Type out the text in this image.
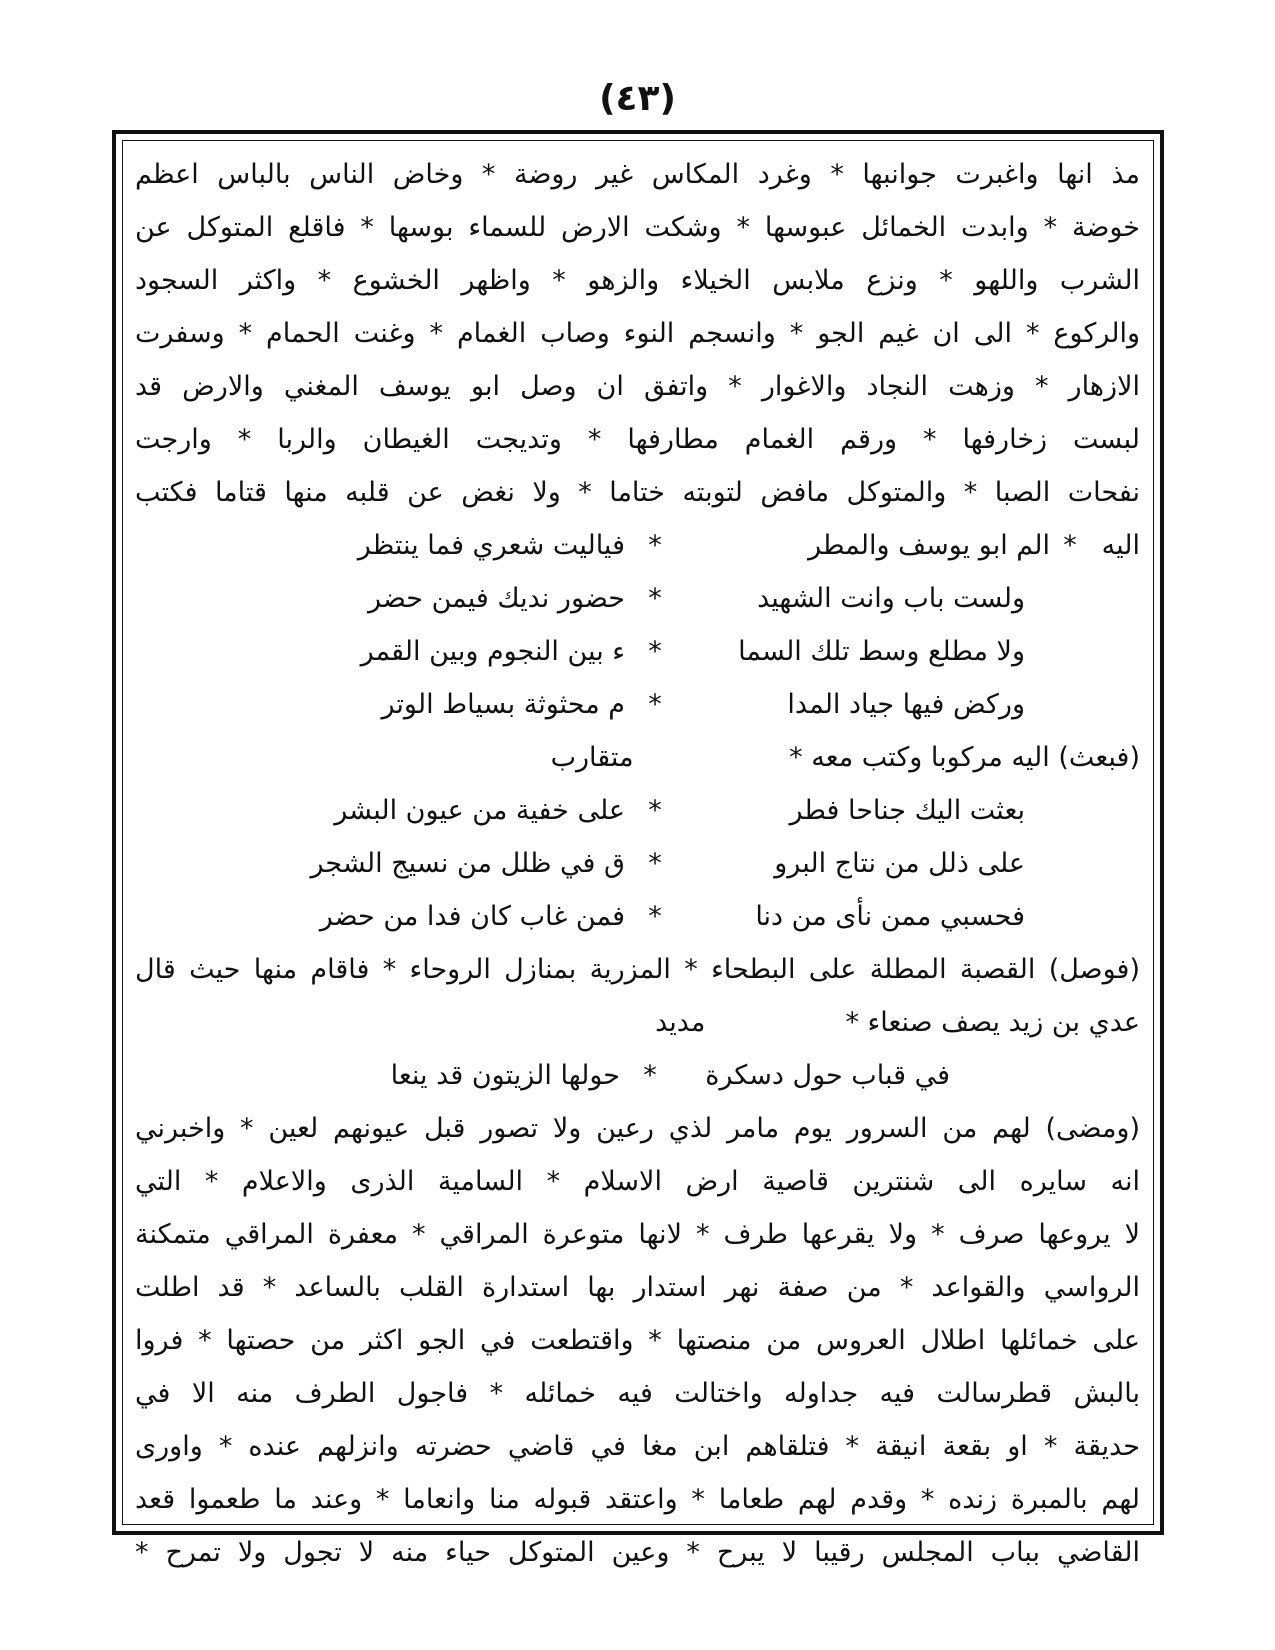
(٤٣)
مذ انها واغبرت جوانبها * وغرد المكاس غير روضة * وخاض الناس بالباس اعظم
خوضة * وابدت الخمائل عبوسها * وشكت الارض للسماء بوسها * فاقلع المتوكل عن
الشرب واللهو * ونزع ملابس الخيلاء والزهو * واظهر الخشوع * واكثر السجود
والركوع * الى ان غيم الجو * وانسجم النوء وصاب الغمام * وغنت الحمام * وسفرت
الازهار * وزهت النجاد والاغوار * واتفق ان وصل ابو يوسف المغني والارض قد
لبست زخارفها * ورقم الغمام مطارفها * وتديجت الغيطان والربا * وارجت
نفحات الصبا * والمتوكل مافض لتوبته ختاما * ولا نغض عن قلبه منها قتاما فكتب
اليه
*
الم ابو يوسف والمطر
*
فياليت شعري فما ينتظر
ولست باب وانت الشهيد
*
حضور نديك فيمن حضر
ولا مطلع وسط تلك السما
*
ء بين النجوم وبين القمر
وركض فيها جياد المدا
*
م محثوثة بسياط الوتر
(فبعث) اليه مركوبا وكتب معه *
متقارب
بعثت اليك جناحا فطر
*
على خفية من عيون البشر
على ذلل من نتاج البرو
*
ق في ظلل من نسيج الشجر
فحسبي ممن نأى من دنا
*
فمن غاب كان فدا من حضر
(فوصل) القصبة المطلة على البطحاء * المزرية بمنازل الروحاء * فاقام منها حيث قال
عدي بن زيد يصف صنعاء *
مديد
في قباب حول دسكرة
*
حولها الزيتون قد ينعا
(ومضى) لهم من السرور يوم مامر لذي رعين ولا تصور قبل عيونهم لعين * واخبرني
انه سايره الى شنترين قاصية ارض الاسلام * السامية الذرى والاعلام * التي
لا يروعها صرف * ولا يقرعها طرف * لانها متوعرة المراقي * معفرة المراقي متمكنة
الرواسي والقواعد * من صفة نهر استدار بها استدارة القلب بالساعد * قد اطلت
على خمائلها اطلال العروس من منصتها * واقتطعت في الجو اكثر من حصتها * فروا
بالبش قطرسالت فيه جداوله واختالت فيه خمائله * فاجول الطرف منه الا في
حديقة * او بقعة انيقة * فتلقاهم ابن مغا في قاضي حضرته وانزلهم عنده * واورى
لهم بالمبرة زنده * وقدم لهم طعاما * واعتقد قبوله منا وانعاما * وعند ما طعموا قعد
القاضي بباب المجلس رقيبا لا يبرح * وعين المتوكل حياء منه لا تجول ولا تمرح *
